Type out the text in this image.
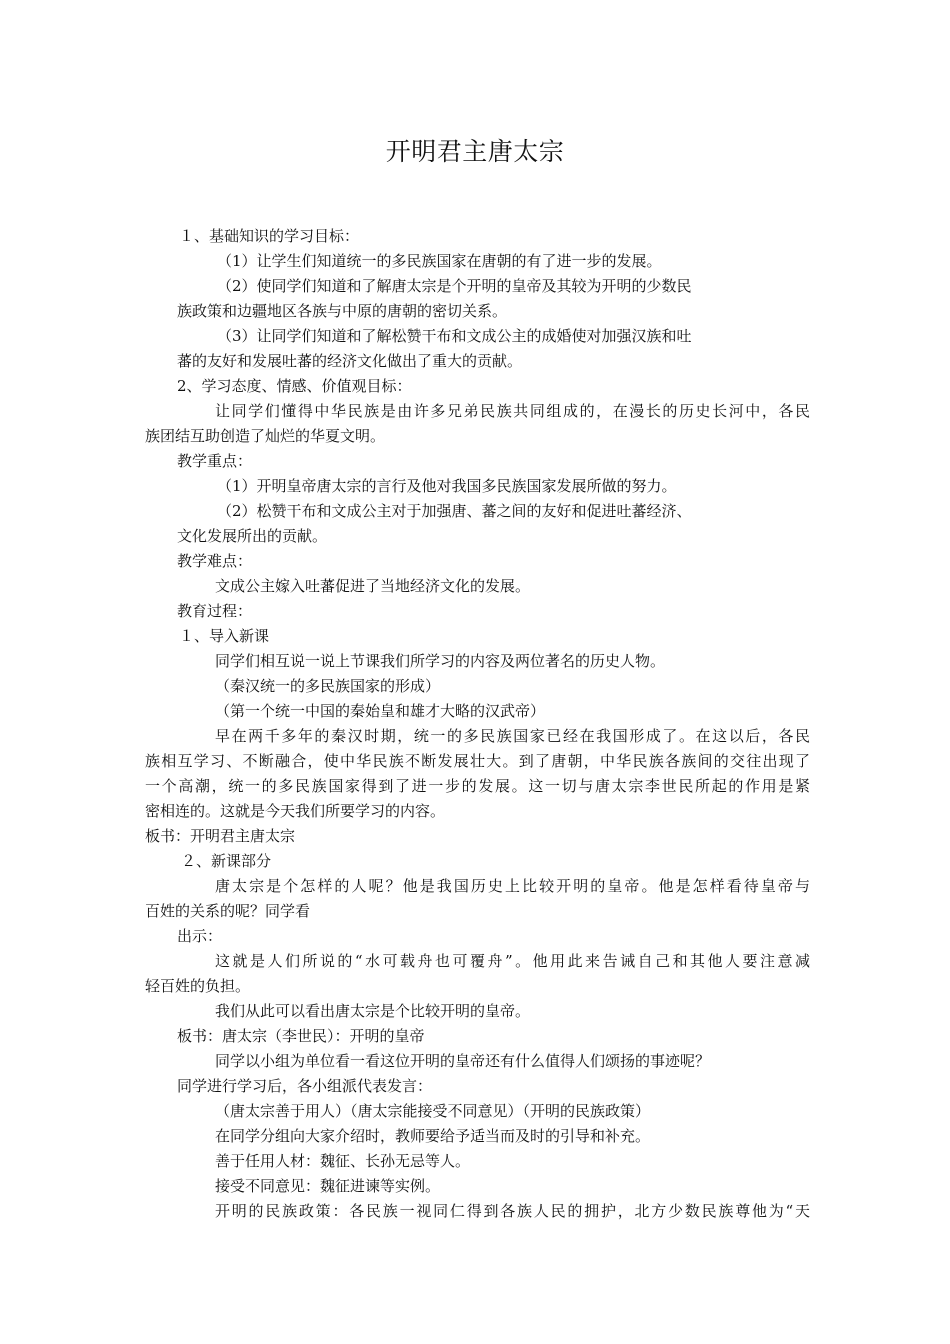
开明君主唐太宗
１、基础知识的学习目标：
（1）让学生们知道统一的多民族国家在唐朝的有了进一步的发展。
（2）使同学们知道和了解唐太宗是个开明的皇帝及其较为开明的少数民
族政策和边疆地区各族与中原的唐朝的密切关系。
（3）让同学们知道和了解松赞干布和文成公主的成婚使对加强汉族和吐
蕃的友好和发展吐蕃的经济文化做出了重大的贡献。
2、学习态度、情感、价值观目标：
让同学们懂得中华民族是由许多兄弟民族共同组成的，在漫长的历史长河中，各民
族团结互助创造了灿烂的华夏文明。
教学重点：
（1）开明皇帝唐太宗的言行及他对我国多民族国家发展所做的努力。
（2）松赞干布和文成公主对于加强唐、蕃之间的友好和促进吐蕃经济、
文化发展所出的贡献。
教学难点：
文成公主嫁入吐蕃促进了当地经济文化的发展。
教育过程：
１、导入新课
同学们相互说一说上节课我们所学习的内容及两位著名的历史人物。
（秦汉统一的多民族国家的形成）
（第一个统一中国的秦始皇和雄才大略的汉武帝）
早在两千多年的秦汉时期，统一的多民族国家已经在我国形成了。在这以后，各民
族相互学习、不断融合，使中华民族不断发展壮大。到了唐朝，中华民族各族间的交往出现了
一个高潮，统一的多民族国家得到了进一步的发展。这一切与唐太宗李世民所起的作用是紧
密相连的。这就是今天我们所要学习的内容。
板书：开明君主唐太宗
２、新课部分
唐太宗是个怎样的人呢？他是我国历史上比较开明的皇帝。他是怎样看待皇帝与
百姓的关系的呢？同学看
出示：
这就是人们所说的“水可载舟也可覆舟”。他用此来告诫自己和其他人要注意减
轻百姓的负担。
我们从此可以看出唐太宗是个比较开明的皇帝。
板书：唐太宗（李世民）：开明的皇帝
同学以小组为单位看一看这位开明的皇帝还有什么值得人们颂扬的事迹呢？
同学进行学习后，各小组派代表发言：
（唐太宗善于用人）（唐太宗能接受不同意见）（开明的民族政策）
在同学分组向大家介绍时，教师要给予适当而及时的引导和补充。
善于任用人材：魏征、长孙无忌等人。
接受不同意见：魏征进谏等实例。
开明的民族政策：各民族一视同仁得到各族人民的拥护，北方少数民族尊他为“天
